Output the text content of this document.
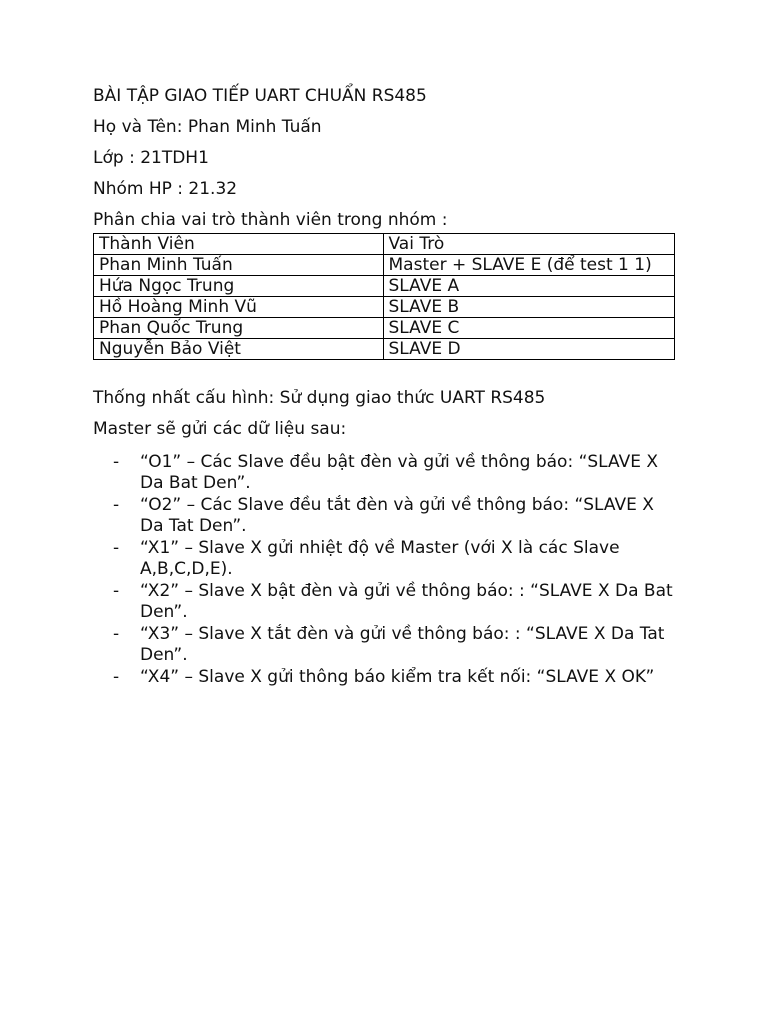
BÀI TẬP GIAO TIẾP UART CHUẨN RS485

Họ và Tên: Phan Minh Tuấn

Lớp : 21TDH1

Nhóm HP : 21.32

Phân chia vai trò thành viên trong nhóm :

Thành Viên	Vai Trò
Phan Minh Tuấn	Master + SLAVE E (để test 1 1)
Hứa Ngọc Trung	SLAVE A
Hồ Hoàng Minh Vũ	SLAVE B
Phan Quốc Trung	SLAVE C
Nguyễn Bảo Việt	SLAVE D

Thống nhất cấu hình: Sử dụng giao thức UART RS485

Master sẽ gửi các dữ liệu sau:

- “O1” – Các Slave đều bật đèn và gửi về thông báo: “SLAVE X Da Bat Den”.
- “O2” – Các Slave đều tắt đèn và gửi về thông báo: “SLAVE X Da Tat Den”.
- “X1” – Slave X gửi nhiệt độ về Master (với X là các Slave A,B,C,D,E).
- “X2” – Slave X bật đèn và gửi về thông báo: : “SLAVE X Da Bat Den”.
- “X3” – Slave X tắt đèn và gửi về thông báo: : “SLAVE X Da Tat Den”.
- “X4” – Slave X gửi thông báo kiểm tra kết nối: “SLAVE X OK”
